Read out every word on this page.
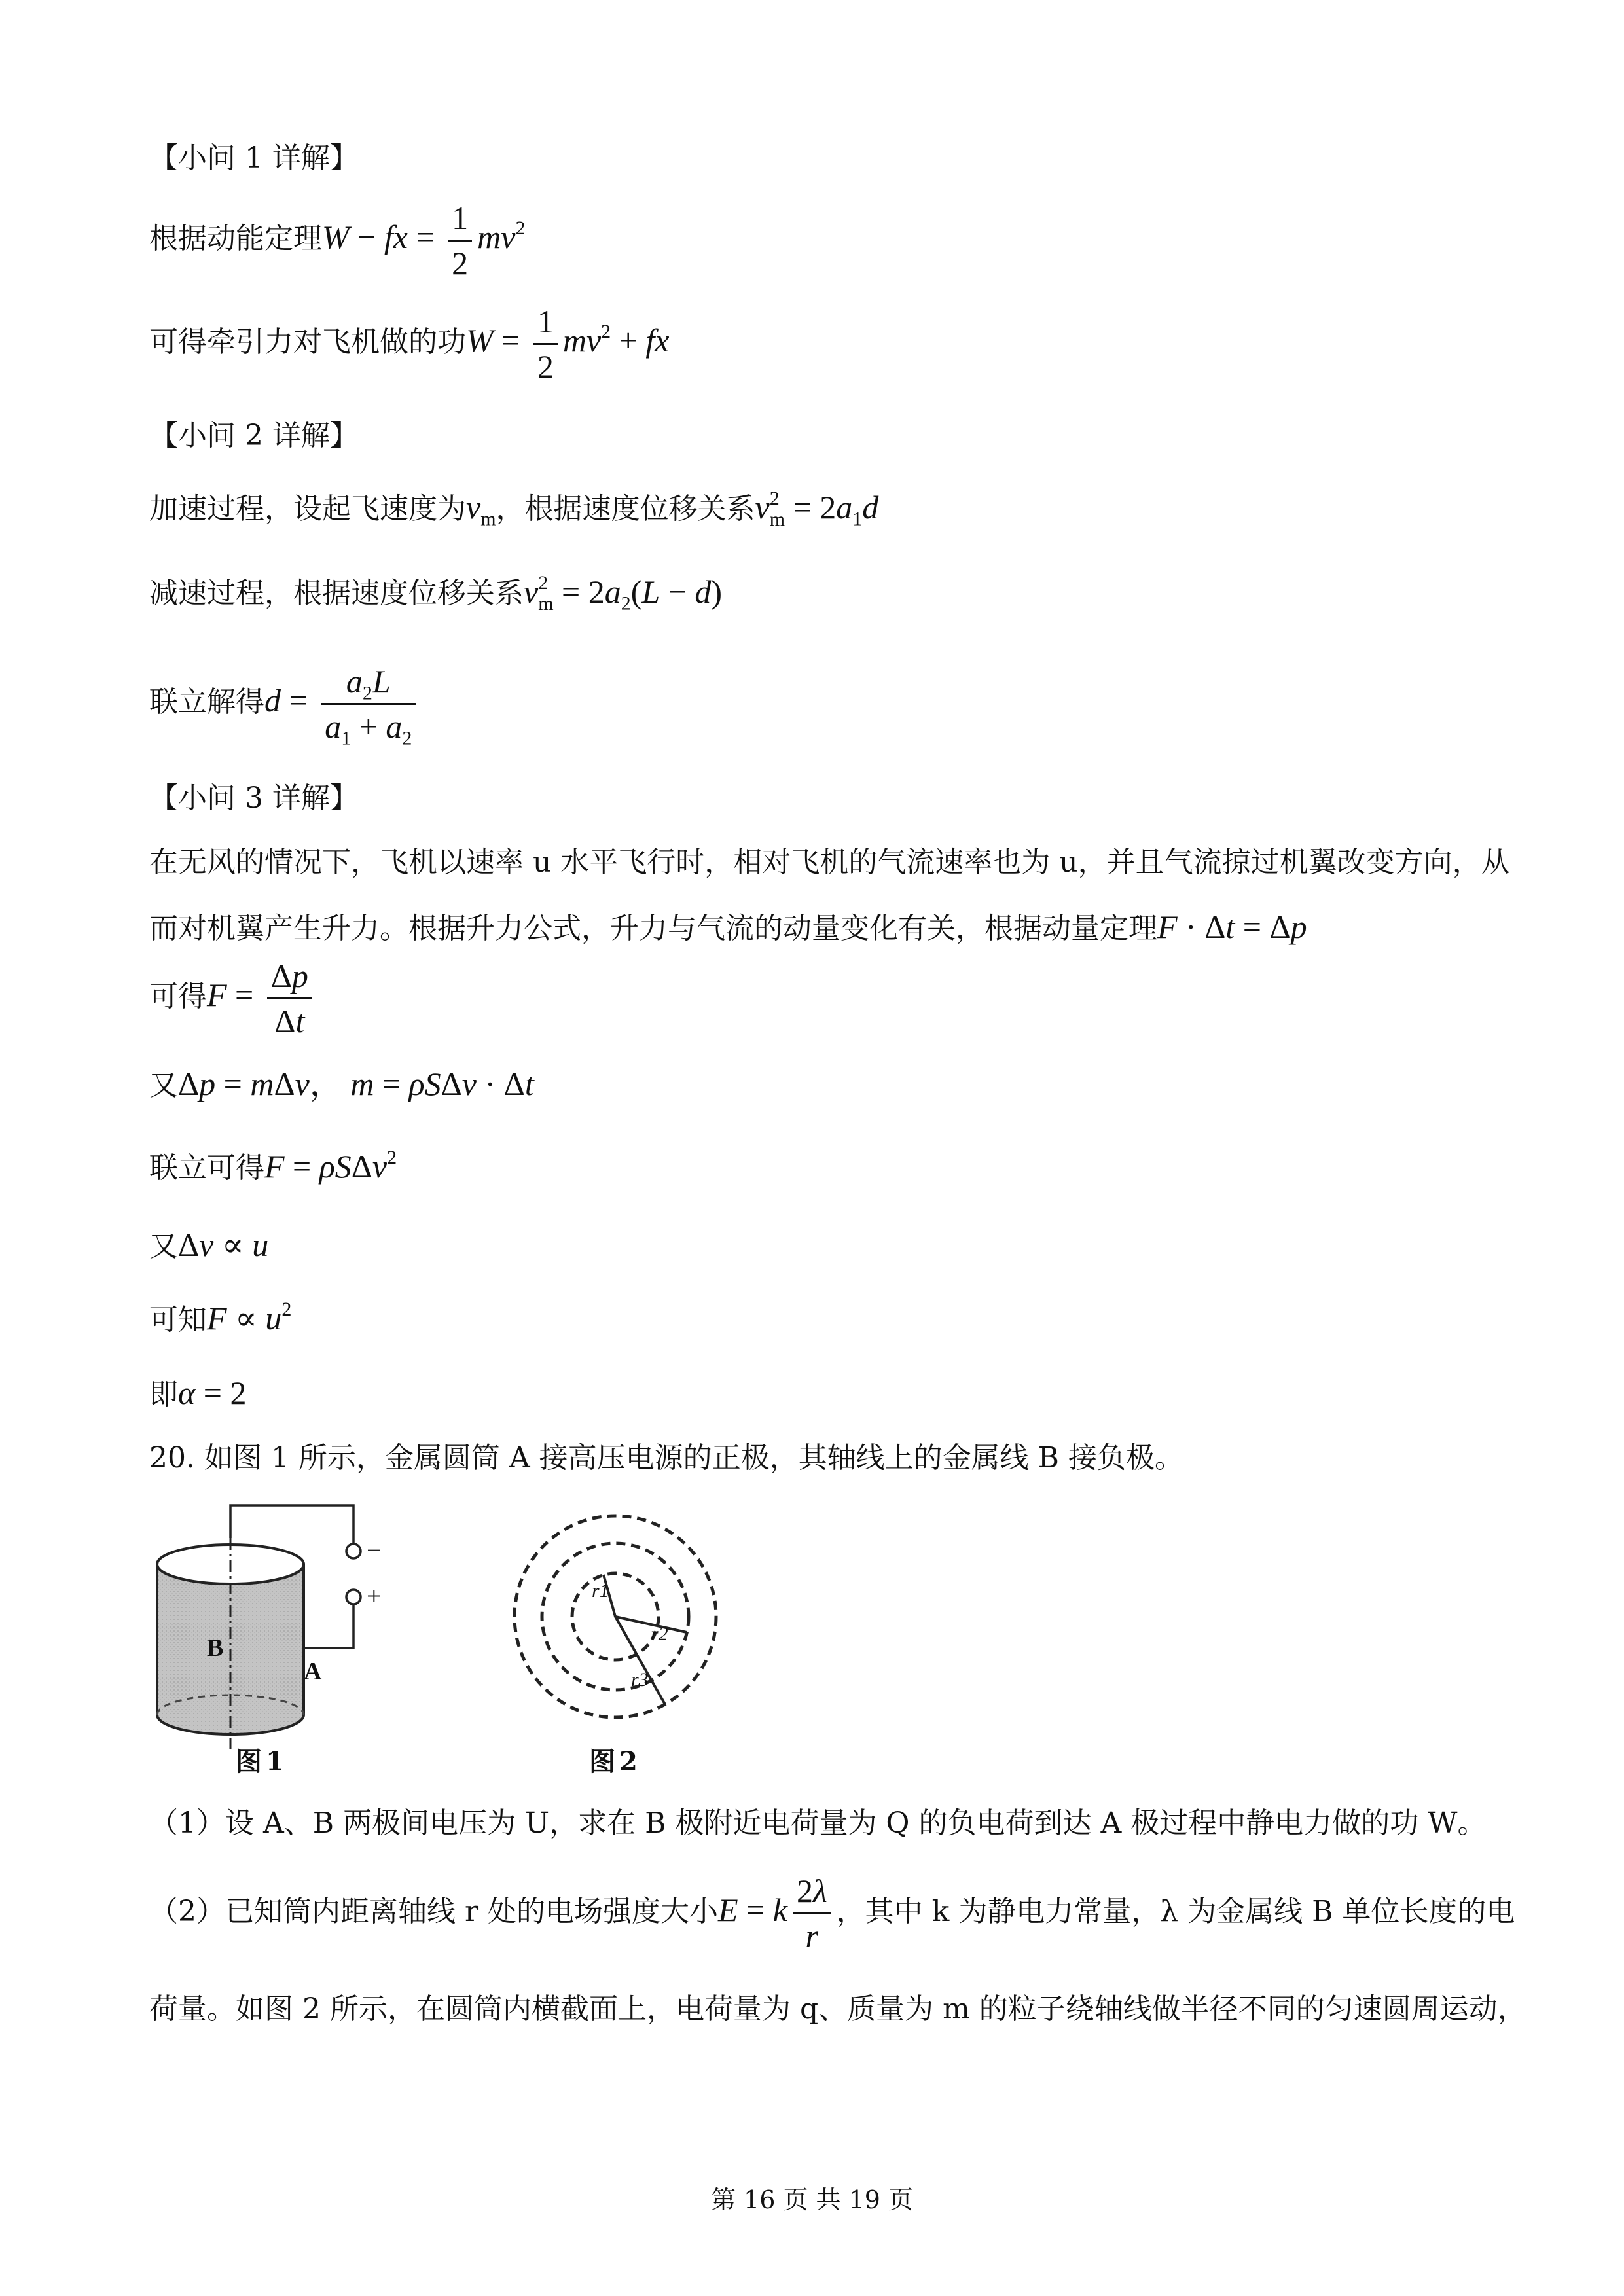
【小问 1 详解】
根据动能定理W − fx = $\frac{1}{2} mv^2$
可得牵引力对飞机做的功$W = \frac{1}{2} mv^2$ + fx
【小问 2 详解】
加速过程，设起飞速度为$v_m$，根据速度位移关系$v^2_m = 2a_1d$
减速过程，根据速度位移关系$v^2_m = 2a_2(L - d)$
联立解得$d = \frac{a_2L}{a_1 + a_2}$
【小问 3 详解】
在无风的情况下，飞机以速率 u 水平飞行时，相对飞机的气流速率也为 u，并且气流掠过机翼改变方向，从
而对机翼产生升力。根据升力公式，升力与气流的动量变化有关，根据动量定理F · Δt = Δp
可得$F = \frac{\Delta p}{\Delta t}$
又Δp = mΔv， m = ρSΔv · Δt
联立可得F = ρSΔv$^2$
又Δv ∝ u
可知$F \propto u^2$
即α = 2
20. 如图 1 所示，金属圆筒 A 接高压电源的正极，其轴线上的金属线 B 接负极。
−
+
B
A
图1
r1
r2
r3
图2
（1）设 A、B 两极间电压为 U，求在 B 极附近电荷量为 Q 的负电荷到达 A 极过程中静电力做的功 W。
（2）已知筒内距离轴线 r 处的电场强度大小E = k $\frac{2\lambda}{r}$ ，其中 k 为静电力常量，λ 为金属线 B 单位长度的电
荷量。如图 2 所示，在圆筒内横截面上，电荷量为 q、质量为 m 的粒子绕轴线做半径不同的匀速圆周运动，
第 16 页 共 19 页
